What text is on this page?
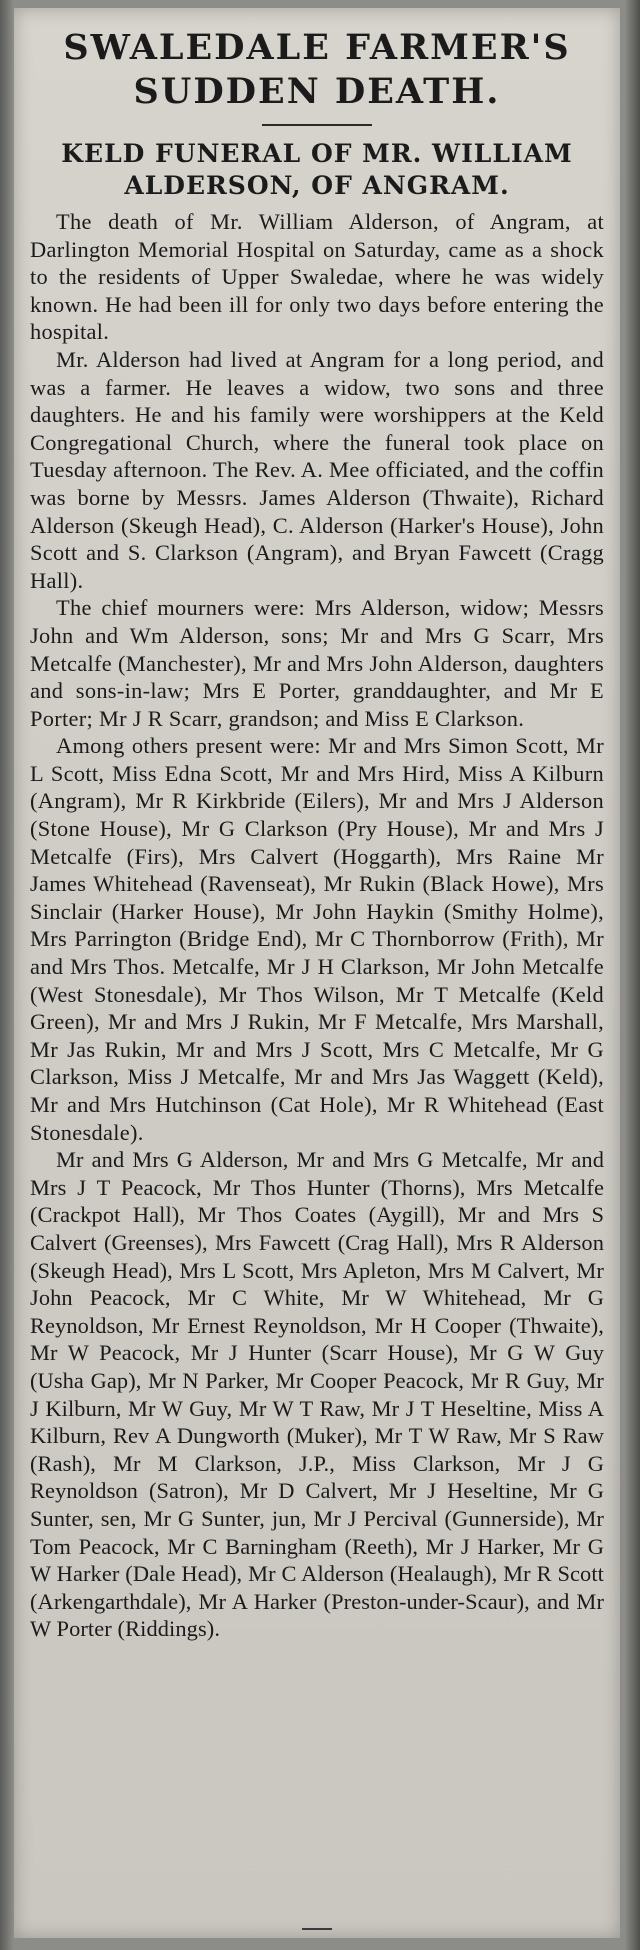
SWALEDALE FARMER'S
SUDDEN DEATH.
KELD FUNERAL OF MR. WILLIAM
ALDERSON, OF ANGRAM.

The death of Mr. William Alderson, of Angram, at Darlington Memorial Hospital on Saturday, came as a shock to the residents of Upper Swaledae, where he was widely known. He had been ill for only two days before entering the hospital.

Mr. Alderson had lived at Angram for a long period, and was a farmer. He leaves a widow, two sons and three daughters. He and his family were worshippers at the Keld Congregational Church, where the funeral took place on Tuesday afternoon. The Rev. A. Mee officiated, and the coffin was borne by Messrs. James Alderson (Thwaite), Richard Alderson (Skeugh Head), C. Alderson (Harker's House), John Scott and S. Clarkson (Angram), and Bryan Fawcett (Cragg Hall).

The chief mourners were: Mrs Alderson, widow; Messrs John and Wm Alderson, sons; Mr and Mrs G Scarr, Mrs Metcalfe (Manchester), Mr and Mrs John Alderson, daughters and sons-in-law; Mrs E Porter, granddaughter, and Mr E Porter; Mr J R Scarr, grandson; and Miss E Clarkson.

Among others present were: Mr and Mrs Simon Scott, Mr L Scott, Miss Edna Scott, Mr and Mrs Hird, Miss A Kilburn (Angram), Mr R Kirkbride (Eilers), Mr and Mrs J Alderson (Stone House), Mr G Clarkson (Pry House), Mr and Mrs J Metcalfe (Firs), Mrs Calvert (Hoggarth), Mrs Raine Mr James Whitehead (Ravenseat), Mr Rukin (Black Howe), Mrs Sinclair (Harker House), Mr John Haykin (Smithy Holme), Mrs Parrington (Bridge End), Mr C Thornborrow (Frith), Mr and Mrs Thos. Metcalfe, Mr J H Clarkson, Mr John Metcalfe (West Stonesdale), Mr Thos Wilson, Mr T Metcalfe (Keld Green), Mr and Mrs J Rukin, Mr F Metcalfe, Mrs Marshall, Mr Jas Rukin, Mr and Mrs J Scott, Mrs C Metcalfe, Mr G Clarkson, Miss J Metcalfe, Mr and Mrs Jas Waggett (Keld), Mr and Mrs Hutchinson (Cat Hole), Mr R Whitehead (East Stonesdale).

Mr and Mrs G Alderson, Mr and Mrs G Metcalfe, Mr and Mrs J T Peacock, Mr Thos Hunter (Thorns), Mrs Metcalfe (Crackpot Hall), Mr Thos Coates (Aygill), Mr and Mrs S Calvert (Greenses), Mrs Fawcett (Crag Hall), Mrs R Alderson (Skeugh Head), Mrs L Scott, Mrs Apleton, Mrs M Calvert, Mr John Peacock, Mr C White, Mr W Whitehead, Mr G Reynoldson, Mr Ernest Reynoldson, Mr H Cooper (Thwaite), Mr W Peacock, Mr J Hunter (Scarr House), Mr G W Guy (Usha Gap), Mr N Parker, Mr Cooper Peacock, Mr R Guy, Mr J Kilburn, Mr W Guy, Mr W T Raw, Mr J T Heseltine, Miss A Kilburn, Rev A Dungworth (Muker), Mr T W Raw, Mr S Raw (Rash), Mr M Clarkson, J.P., Miss Clarkson, Mr J G Reynoldson (Satron), Mr D Calvert, Mr J Heseltine, Mr G Sunter, sen, Mr G Sunter, jun, Mr J Percival (Gunnerside), Mr Tom Peacock, Mr C Barningham (Reeth), Mr J Harker, Mr G W Harker (Dale Head), Mr C Alderson (Healaugh), Mr R Scott (Arkengarthdale), Mr A Harker (Preston-under-Scaur), and Mr W Porter (Riddings).
